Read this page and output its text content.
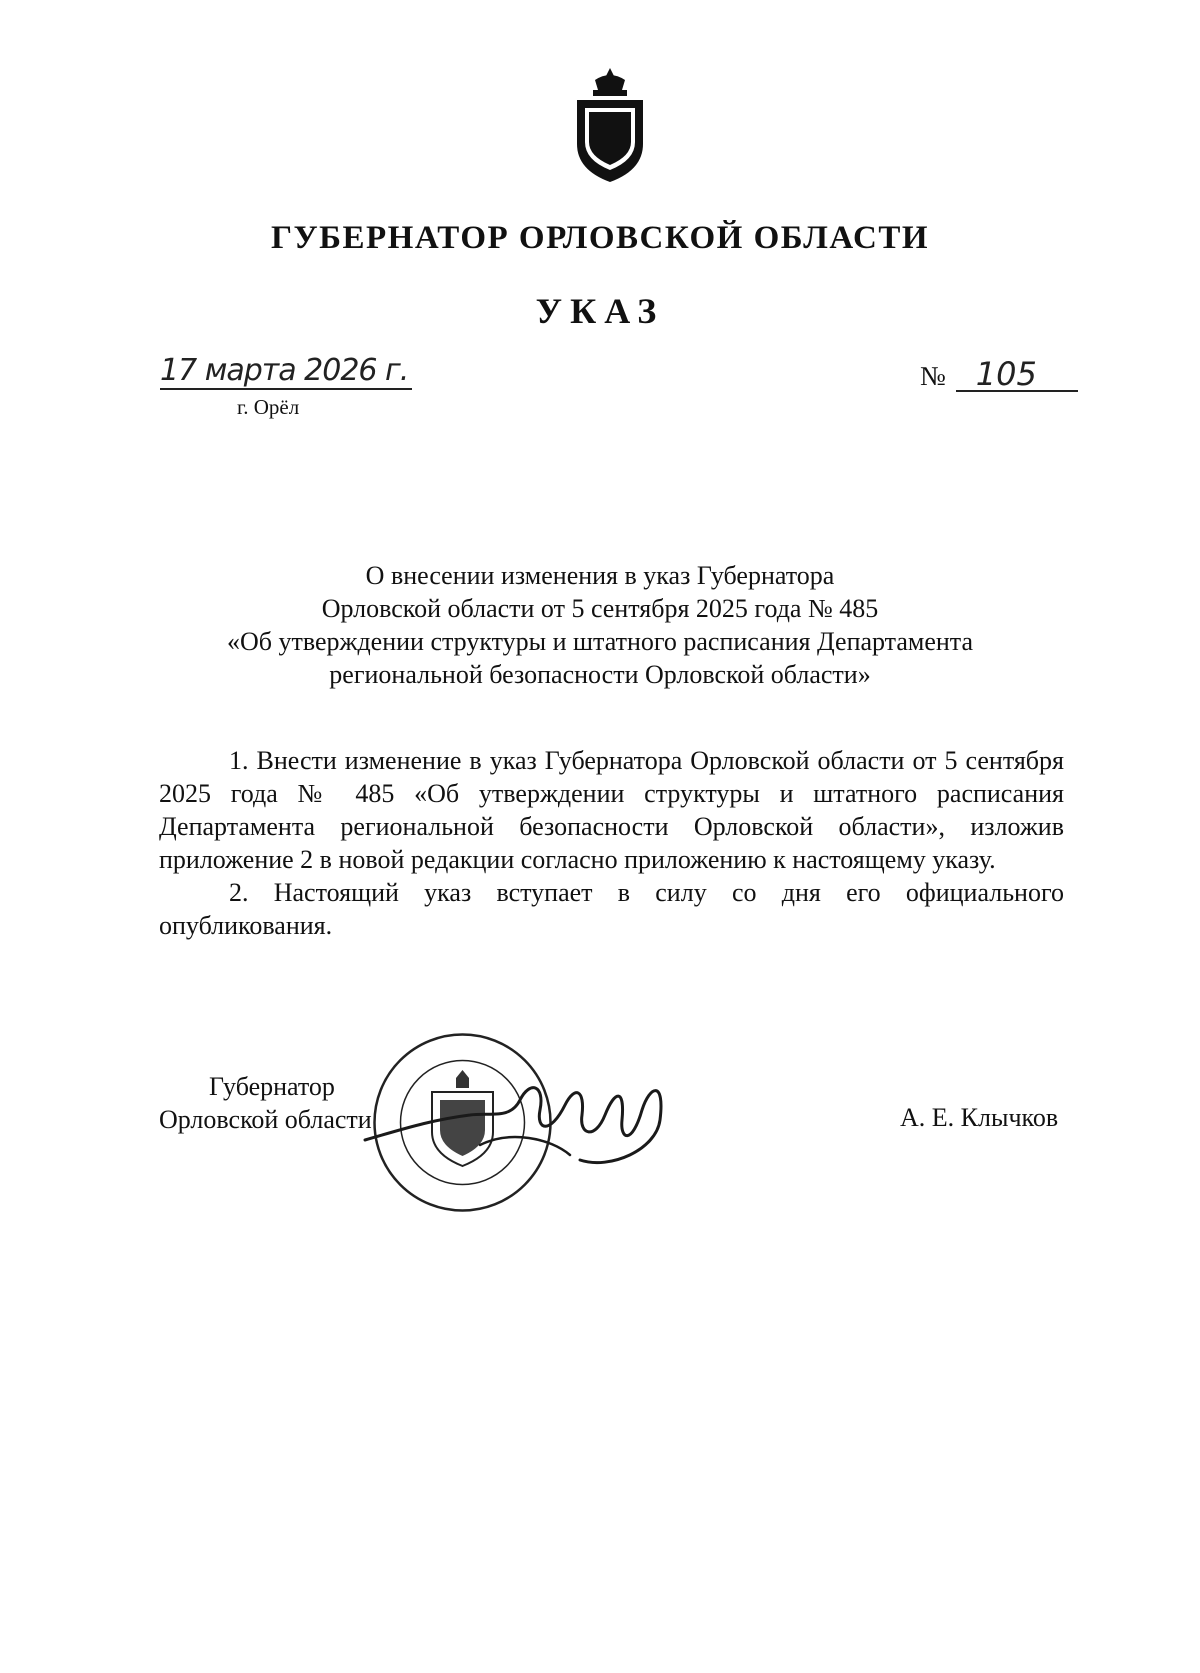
ГУБЕРНАТОР ОРЛОВСКОЙ ОБЛАСТИ
УКАЗ
17 марта 2026 г.
г. Орёл
№ 105
О внесении изменения в указ Губернатора
Орловской области от 5 сентября 2025 года № 485
«Об утверждении структуры и штатного расписания Департамента
региональной безопасности Орловской области»

1. Внести изменение в указ Губернатора Орловской области от 5 сентября 2025 года № 485 «Об утверждении структуры и штатного расписания Департамента региональной безопасности Орловской области», изложив приложение 2 в новой редакции согласно приложению к настоящему указу.

2. Настоящий указ вступает в силу со дня его официального опубликования.

Губернатор
Орловской области	А. Е. Клычков
